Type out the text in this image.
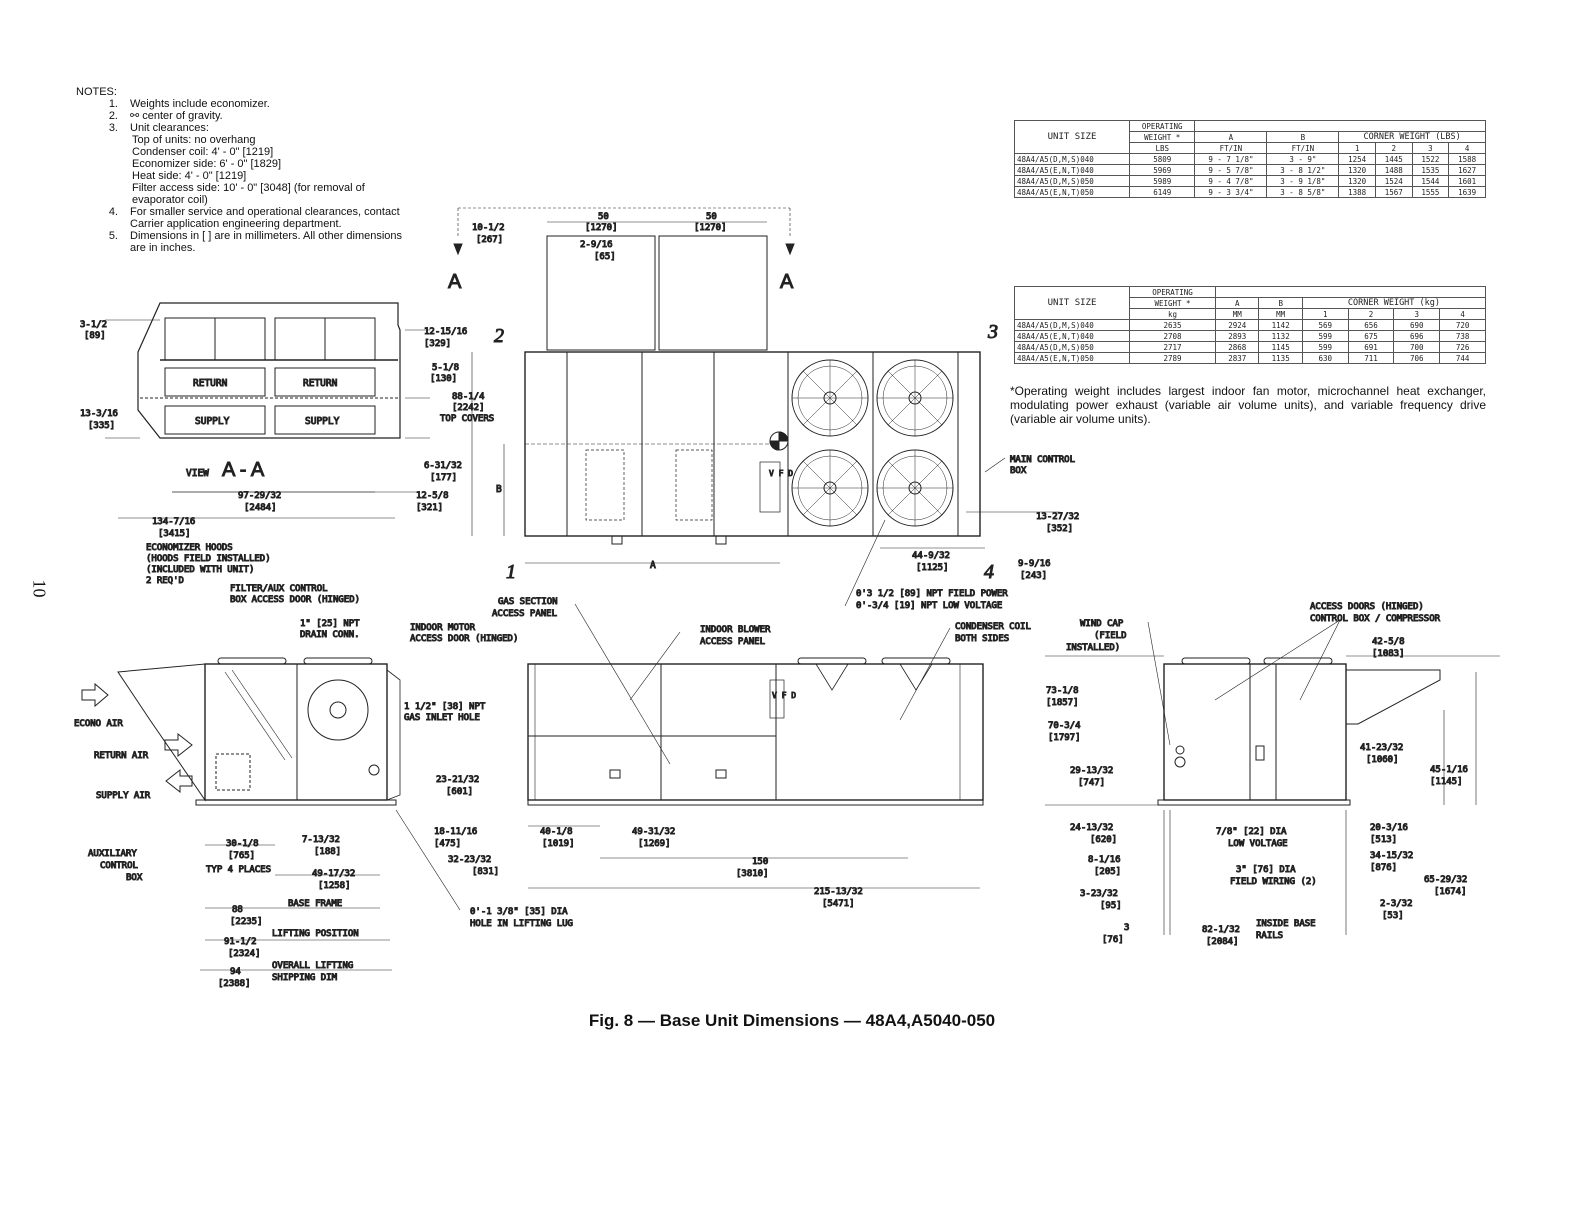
10
NOTES:
1.	Weights include economizer.
2.	⚯ center of gravity.
3.	Unit clearances:
Top of units: no overhang
Condenser coil: 4' - 0" [1219]
Economizer side: 6' - 0" [1829]
Heat side: 4' - 0" [1219]
Filter access side: 10' - 0" [3048] (for removal of
evaporator coil)
4.	For smaller service and operational clearances, contact Carrier application engineering department.
5.	Dimensions in [ ] are in millimeters. All other dimensions are in inches.
UNIT SIZE	OPERATING						
	WEIGHT *	A	B	CORNER WEIGHT (LBS)			
	LBS	FT/IN	FT/IN	1	2	3	4
48A4/A5(D,M,S)040	5809	9 - 7 1/8"	3 - 9"	1254	1445	1522	1588
48A4/A5(E,N,T)040	5969	9 - 5 7/8"	3 - 8 1/2"	1320	1488	1535	1627
48A4/A5(D,M,S)050	5989	9 - 4 7/8"	3 - 9 1/8"	1320	1524	1544	1601
48A4/A5(E,N,T)050	6149	9 - 3 3/4"	3 - 8 5/8"	1388	1567	1555	1639
UNIT SIZE	OPERATING						
	WEIGHT *	A	B	CORNER WEIGHT (kg)			
	kg	MM	MM	1	2	3	4
48A4/A5(D,M,S)040	2635	2924	1142	569	656	690	720
48A4/A5(E,N,T)040	2708	2893	1132	599	675	696	738
48A4/A5(D,M,S)050	2717	2868	1145	599	691	700	726
48A4/A5(E,N,T)050	2789	2837	1135	630	711	706	744
*Operating weight includes largest indoor fan motor, microchannel heat exchanger, modulating power exhaust (variable air volume units), and variable frequency drive (variable air volume units).
RETURN	RETURN
SUPPLY	SUPPLY
VIEW A - A
3-1/2
[89]
13-3/16
[335]
12-15/16
[329]
5-1/8
[130]
6-31/32
[177]
12-5/8
[321]
97-29/32
[2484]
A	A
10-1/2
[267]
50
[1270]
50
[1270]
2-9/16
[65]
88-1/4
[2242]
TOP COVERS
B
A
MAIN CONTROL
BOX
13-27/32
[352]
44-9/32
[1125]	9-9/16
[243]
0'3 1/2 [89] NPT FIELD POWER
0'-3/4 [19] NPT LOW VOLTAGE
V F D
1
2	3
4
134-7/16
[3415]
ECONOMIZER HOODS
(HOODS FIELD INSTALLED)
(INCLUDED WITH UNIT)
2 REQ'D
FILTER/AUX CONTROL
BOX ACCESS DOOR (HINGED)
1" [25] NPT
DRAIN CONN.
INDOOR MOTOR
ACCESS DOOR (HINGED)
1 1/2" [38] NPT
GAS INLET HOLE
ECONO AIR
RETURN AIR
SUPPLY AIR
AUXILIARY
CONTROL
BOX
23-21/32
[601]
18-11/16
[475]
30-1/8
[765]
TYP 4 PLACES
7-13/32
[188]
49-17/32
[1258]
88
[2235]
BASE FRAME
91-1/2
[2324]
LIFTING POSITION
94
[2388]
OVERALL LIFTING
SHIPPING DIM
0'-1 3/8" [35] DIA
HOLE IN LIFTING LUG
GAS SECTION
ACCESS PANEL
INDOOR BLOWER
ACCESS PANEL
CONDENSER COIL
BOTH SIDES
40-1/8
[1019]
49-31/32
[1269]
32-23/32
[831]
150
[3810]
215-13/32
[5471]
V F D
WIND CAP
(FIELD
INSTALLED)
ACCESS DOORS (HINGED)
CONTROL BOX / COMPRESSOR
42-5/8
[1083]
73-1/8
[1857]
70-3/4
[1797]
29-13/32
[747]
41-23/32
[1060]
45-1/16
[1145]
24-13/32
[620]
8-1/16
[205]
3-23/32
[95]
3
[76]
82-1/32
[2084]
INSIDE BASE
RAILS
7/8" [22] DIA
LOW VOLTAGE
3" [76] DIA
FIELD WIRING (2)
20-3/16
[513]
34-15/32
[876]
65-29/32
[1674]
2-3/32
[53]
Fig. 8 — Base Unit Dimensions — 48A4,A5040-050
